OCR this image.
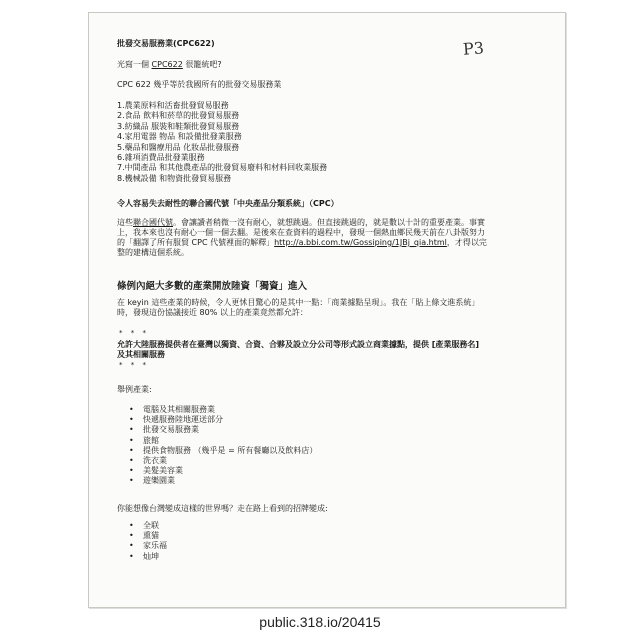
P3
批發交易服務業(CPC622)
光寫一個 CPC622 很籠統吧?
CPC 622 幾乎等於我國所有的批發交易服務業
1.農業原料和活畜批發貿易服務
2.食品 飲料和菸草的批發貿易服務
3.紡織品 服裝和鞋類批發貿易服務
4.家用電器 物品 和設備批發業服務
5.藥品和醫療用品 化妝品批發服務
6.雜項消費品批發業服務
7.中間產品 和其他農產品的批發貿易廢料和材料回收業服務
8.機械設備 和物資批發貿易服務
令人容易失去耐性的聯合國代號「中央產品分類系統」（CPC）
這些聯合國代號。會讓讀者稍微一沒有耐心，就想跳過。但直接跳過的，就是數以十計的重要產業。事實上，我本來也沒有耐心一個一個去翻。是後來在查資料的過程中，發現一個熱血鄉民幾天前在八卦版努力的「翻譯了所有服貿 CPC 代號裡面的解釋」http://a.bbi.com.tw/Gossiping/1JBj_qia.html，才得以完整的建構這個系統。
條例內絕大多數的產業開放陸資「獨資」進入
在 keyin 這些產業的時候，令人更怵目驚心的是其中一點：「商業據點呈現」。我在「貼上條文進系統」時，發現這份協議接近 80% 以上的產業竟然都允許：
* * *
允許大陸服務提供者在臺灣以獨資、合資、合夥及設立分公司等形式設立商業據點，提供 [產業服務名] 及其相關服務
* * *
舉例產業:
• 電腦及其相關服務業
• 快遞服務陸地運送部分
• 批發交易服務業
• 旅館
• 提供食物服務 （幾乎是 = 所有餐廳以及飲料店）
• 洗衣業
• 美髮美容業
• 遊樂園業
你能想像台灣變成這樣的世界嗎？走在路上看到的招牌變成:
• 全联
• 熏猫
• 家乐福
• 灿坤
public.318.io/20415
